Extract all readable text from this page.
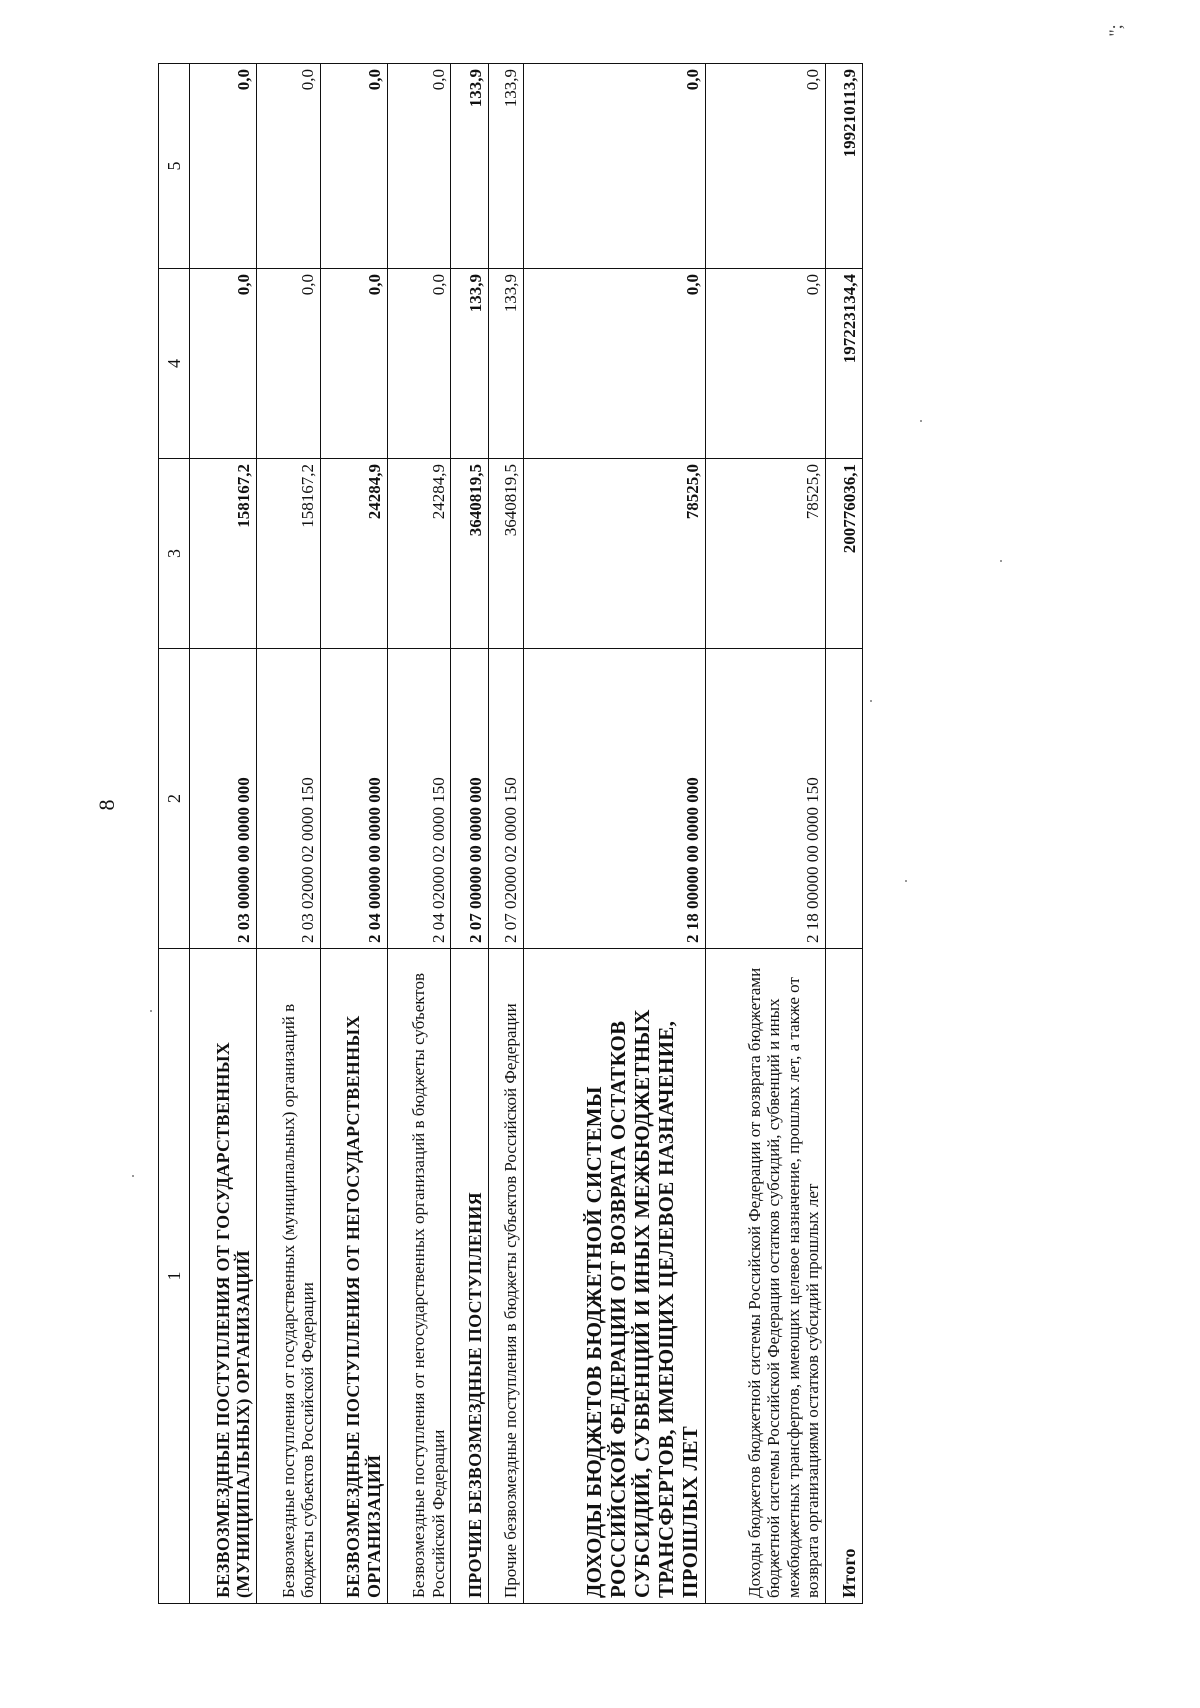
8
";
1	2	3	4	5
БЕЗВОЗМЕЗДНЫЕ ПОСТУПЛЕНИЯ ОТ ГОСУДАРСТВЕННЫХ (МУНИЦИПАЛЬНЫХ) ОРГАНИЗАЦИЙ	2 03 00000 00 0000 000	158167,2	0,0	0,0
Безвозмездные поступления от государственных (муниципальных) организаций в бюджеты субъектов Российской Федерации	2 03 02000 02 0000 150	158167,2	0,0	0,0
БЕЗВОЗМЕЗДНЫЕ ПОСТУПЛЕНИЯ ОТ НЕГОСУДАРСТВЕННЫХ ОРГАНИЗАЦИЙ	2 04 00000 00 0000 000	24284,9	0,0	0,0
Безвозмездные поступления от негосударственных организаций в бюджеты субъектов Российской Федерации	2 04 02000 02 0000 150	24284,9	0,0	0,0
ПРОЧИЕ БЕЗВОЗМЕЗДНЫЕ ПОСТУПЛЕНИЯ	2 07 00000 00 0000 000	3640819,5	133,9	133,9
Прочие безвозмездные поступления в бюджеты субъектов Российской Федерации	2 07 02000 02 0000 150	3640819,5	133,9	133,9
ДОХОДЫ БЮДЖЕТОВ БЮДЖЕТНОЙ СИСТЕМЫ РОССИЙСКОЙ ФЕДЕРАЦИИ ОТ ВОЗВРАТА ОСТАТКОВ СУБСИДИЙ, СУБВЕНЦИЙ И ИНЫХ МЕЖБЮДЖЕТНЫХ ТРАНСФЕРТОВ, ИМЕЮЩИХ ЦЕЛЕВОЕ НАЗНАЧЕНИЕ, ПРОШЛЫХ ЛЕТ	2 18 00000 00 0000 000	78525,0	0,0	0,0
Доходы бюджетов бюджетной системы Российской Федерации от возврата бюджетами бюджетной системы Российской Федерации остатков субсидий, субвенций и иных межбюджетных трансфертов, имеющих целевое назначение, прошлых лет, а также от возврата организациями остатков субсидий прошлых лет	2 18 00000 00 0000 150	78525,0	0,0	0,0
Итого		200776036,1	197223134,4	199210113,9
